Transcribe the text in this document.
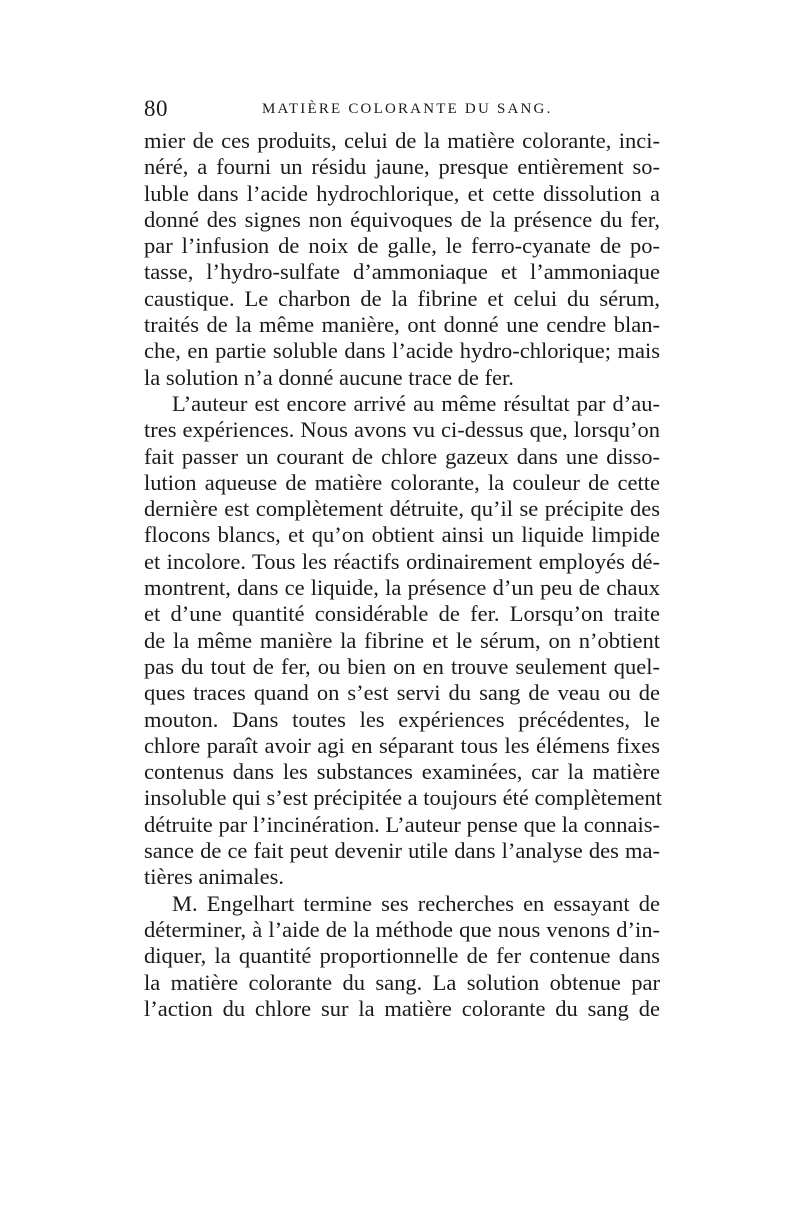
80	MATIÈRE COLORANTE DU SANG.
mier de ces produits, celui de la matière colorante, inci-
néré, a fourni un résidu jaune, presque entièrement so-
luble dans l’acide hydrochlorique, et cette dissolution a
donné des signes non équivoques de la présence du fer,
par l’infusion de noix de galle, le ferro-cyanate de po-
tasse, l’hydro-sulfate d’ammoniaque et l’ammoniaque
caustique. Le charbon de la fibrine et celui du sérum,
traités de la même manière, ont donné une cendre blan-
che, en partie soluble dans l’acide hydro-chlorique; mais
la solution n’a donné aucune trace de fer.
L’auteur est encore arrivé au même résultat par d’au-
tres expériences. Nous avons vu ci-dessus que, lorsqu’on
fait passer un courant de chlore gazeux dans une disso-
lution aqueuse de matière colorante, la couleur de cette
dernière est complètement détruite, qu’il se précipite des
flocons blancs, et qu’on obtient ainsi un liquide limpide
et incolore. Tous les réactifs ordinairement employés dé-
montrent, dans ce liquide, la présence d’un peu de chaux
et d’une quantité considérable de fer. Lorsqu’on traite
de la même manière la fibrine et le sérum, on n’obtient
pas du tout de fer, ou bien on en trouve seulement quel-
ques traces quand on s’est servi du sang de veau ou de
mouton. Dans toutes les expériences précédentes, le
chlore paraît avoir agi en séparant tous les élémens fixes
contenus dans les substances examinées, car la matière
insoluble qui s’est précipitée a toujours été complètement
détruite par l’incinération. L’auteur pense que la connais-
sance de ce fait peut devenir utile dans l’analyse des ma-
tières animales.
M. Engelhart termine ses recherches en essayant de
déterminer, à l’aide de la méthode que nous venons d’in-
diquer, la quantité proportionnelle de fer contenue dans
la matière colorante du sang. La solution obtenue par
l’action du chlore sur la matière colorante du sang de
